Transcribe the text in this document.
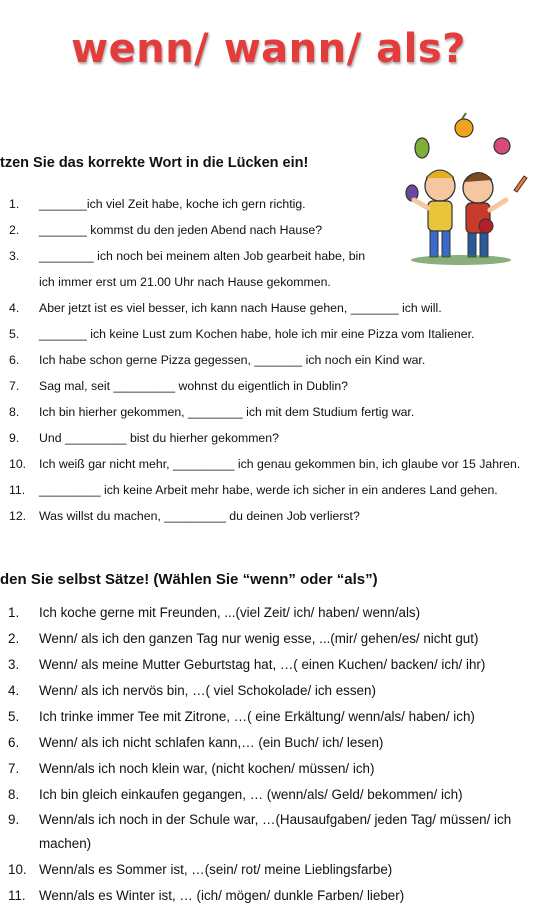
wenn/ wann/ als?
tzen Sie das korrekte Wort in die Lücken ein!
1.	_______ich viel Zeit habe, koche ich gern richtig.
2.	_______ kommst du den jeden Abend nach Hause?
3.	________ ich noch bei meinem alten Job gearbeit habe, bin
ich immer erst um 21.00 Uhr nach Hause gekommen.
4.	Aber jetzt ist es viel besser, ich kann nach Hause gehen, _______ ich will.
5.	_______ ich keine Lust zum Kochen habe, hole ich mir eine Pizza vom Italiener.
6.	Ich habe schon gerne Pizza gegessen, _______ ich noch ein Kind war.
7.	Sag mal, seit _________ wohnst du eigentlich in Dublin?
8.	Ich bin hierher gekommen, ________ ich mit dem Studium fertig war.
9.	Und _________ bist du hierher gekommen?
10.	Ich weiß gar nicht mehr, _________ ich genau gekommen bin, ich glaube vor 15 Jahren.
11.	_________ ich keine Arbeit mehr habe, werde ich sicher in ein anderes Land gehen.
12.	Was willst du machen, _________ du deinen Job verlierst?
den Sie selbst Sätze! (Wählen Sie “wenn” oder “als”)
1.	Ich koche gerne mit Freunden, ...(viel Zeit/ ich/ haben/ wenn/als)
2.	Wenn/ als ich den ganzen Tag nur wenig esse, ...(mir/ gehen/es/ nicht gut)
3.	Wenn/ als meine Mutter Geburtstag hat, …( einen Kuchen/ backen/ ich/ ihr)
4.	Wenn/ als ich nervös bin, …( viel Schokolade/ ich essen)
5.	Ich trinke immer Tee mit Zitrone, …( eine Erkältung/ wenn/als/ haben/ ich)
6.	Wenn/ als ich nicht schlafen kann,… (ein Buch/ ich/ lesen)
7.	Wenn/als ich noch klein war, (nicht kochen/ müssen/ ich)
8.	Ich bin gleich einkaufen gegangen, … (wenn/als/ Geld/ bekommen/ ich)
9.	Wenn/als ich noch in der Schule war, …(Hausaufgaben/ jeden Tag/ müssen/ ich
machen)
10. Wenn/als es Sommer ist, …(sein/ rot/ meine Lieblingsfarbe)
11. Wenn/als es Winter ist, … (ich/ mögen/ dunkle Farben/ lieber)
